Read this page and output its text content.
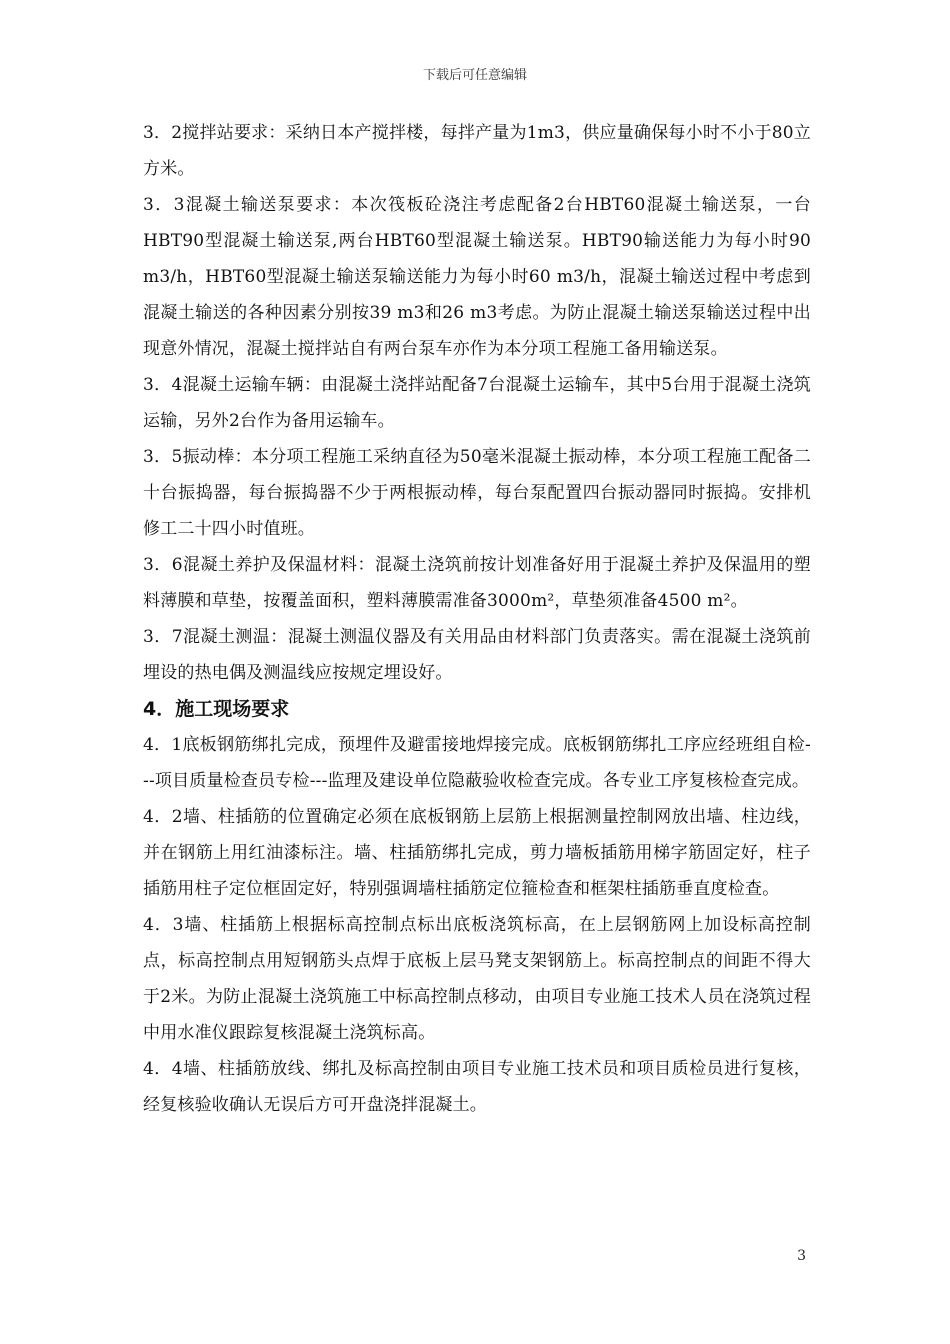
下载后可任意编辑

3．2搅拌站要求：采纳日本产搅拌楼，每拌产量为1m3，供应量确保每小时不小于80立方米。

3．3混凝土输送泵要求：本次筏板砼浇注考虑配备2台HBT60混凝土输送泵，一台HBT90型混凝土输送泵,两台HBT60型混凝土输送泵。HBT90输送能力为每小时90 m3/h，HBT60型混凝土输送泵输送能力为每小时60 m3/h，混凝土输送过程中考虑到混凝土输送的各种因素分别按39 m3和26 m3考虑。为防止混凝土输送泵输送过程中出现意外情况，混凝土搅拌站自有两台泵车亦作为本分项工程施工备用输送泵。

3．4混凝土运输车辆：由混凝土浇拌站配备7台混凝土运输车，其中5台用于混凝土浇筑运输，另外2台作为备用运输车。

3．5振动棒：本分项工程施工采纳直径为50毫米混凝土振动棒，本分项工程施工配备二十台振捣器，每台振捣器不少于两根振动棒，每台泵配置四台振动器同时振捣。安排机修工二十四小时值班。

3．6混凝土养护及保温材料：混凝土浇筑前按计划准备好用于混凝土养护及保温用的塑料薄膜和草垫，按覆盖面积，塑料薄膜需准备3000m²，草垫须准备4500 m²。

3．7混凝土测温：混凝土测温仪器及有关用品由材料部门负责落实。需在混凝土浇筑前埋设的热电偶及测温线应按规定埋设好。

4．施工现场要求

4．1底板钢筋绑扎完成，预埋件及避雷接地焊接完成。底板钢筋绑扎工序应经班组自检---项目质量检查员专检---监理及建设单位隐蔽验收检查完成。各专业工序复核检查完成。

4．2墙、柱插筋的位置确定必须在底板钢筋上层筋上根据测量控制网放出墙、柱边线，并在钢筋上用红油漆标注。墙、柱插筋绑扎完成，剪力墙板插筋用梯字筋固定好，柱子插筋用柱子定位框固定好，特别强调墙柱插筋定位箍检查和框架柱插筋垂直度检查。

4．3墙、柱插筋上根据标高控制点标出底板浇筑标高，在上层钢筋网上加设标高控制点，标高控制点用短钢筋头点焊于底板上层马凳支架钢筋上。标高控制点的间距不得大于2米。为防止混凝土浇筑施工中标高控制点移动，由项目专业施工技术人员在浇筑过程中用水准仪跟踪复核混凝土浇筑标高。

4．4墙、柱插筋放线、绑扎及标高控制由项目专业施工技术员和项目质检员进行复核，经复核验收确认无误后方可开盘浇拌混凝土。

3
